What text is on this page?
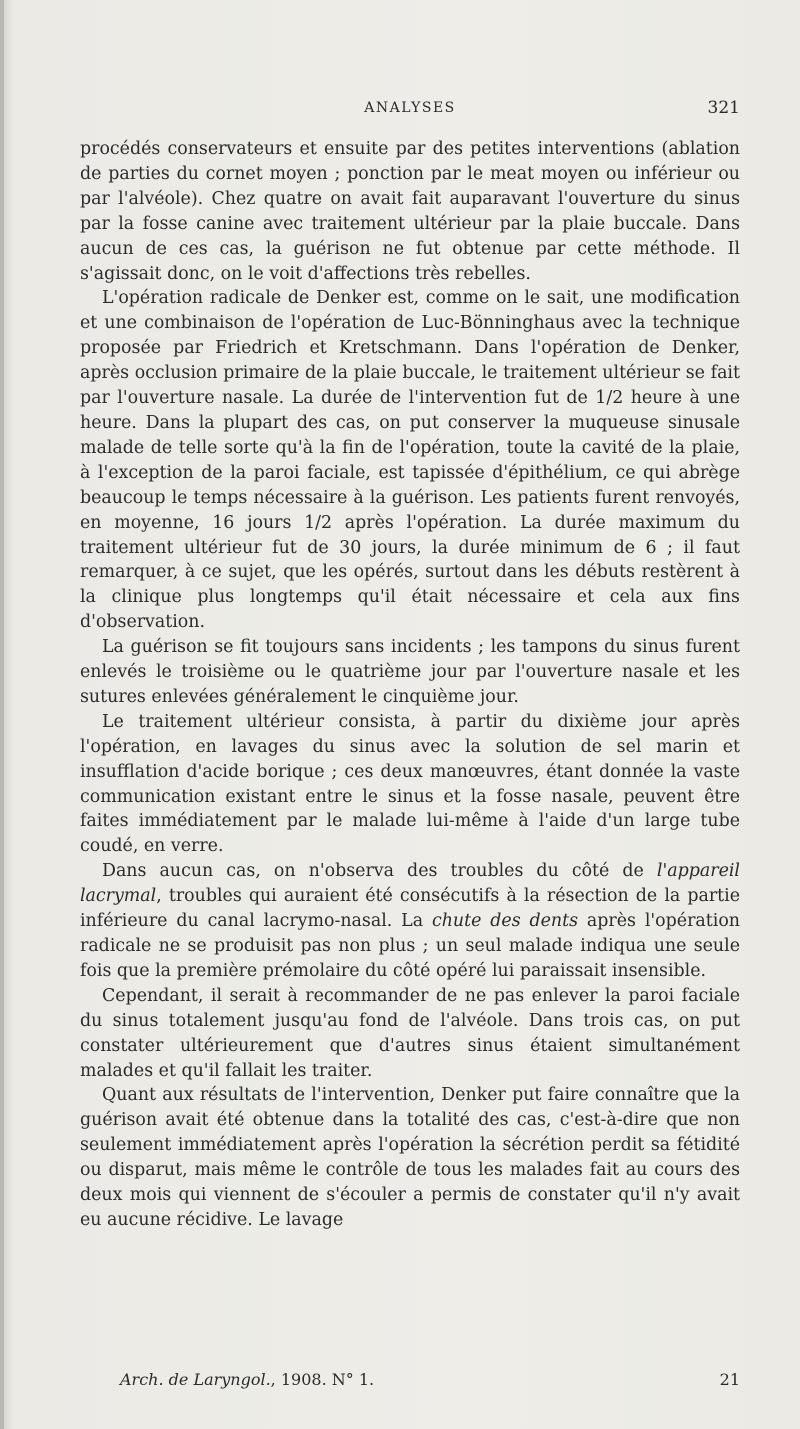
ANALYSES	321

procédés conservateurs et ensuite par des petites interventions (ablation de parties du cornet moyen ; ponction par le meat moyen ou inférieur ou par l'alvéole). Chez quatre on avait fait auparavant l'ouverture du sinus par la fosse canine avec traitement ultérieur par la plaie buccale. Dans aucun de ces cas, la guérison ne fut obtenue par cette méthode. Il s'agissait donc, on le voit d'affections très rebelles.

L'opération radicale de Denker est, comme on le sait, une modification et une combinaison de l'opération de Luc-Bönninghaus avec la technique proposée par Friedrich et Kretschmann. Dans l'opération de Denker, après occlusion primaire de la plaie buccale, le traitement ultérieur se fait par l'ouverture nasale. La durée de l'intervention fut de 1/2 heure à une heure. Dans la plupart des cas, on put conserver la muqueuse sinusale malade de telle sorte qu'à la fin de l'opération, toute la cavité de la plaie, à l'exception de la paroi faciale, est tapissée d'épithélium, ce qui abrège beaucoup le temps nécessaire à la guérison. Les patients furent renvoyés, en moyenne, 16 jours 1/2 après l'opération. La durée maximum du traitement ultérieur fut de 30 jours, la durée minimum de 6 ; il faut remarquer, à ce sujet, que les opérés, surtout dans les débuts restèrent à la clinique plus longtemps qu'il était nécessaire et cela aux fins d'observation.

La guérison se fit toujours sans incidents ; les tampons du sinus furent enlevés le troisième ou le quatrième jour par l'ouverture nasale et les sutures enlevées généralement le cinquième jour.

Le traitement ultérieur consista, à partir du dixième jour après l'opération, en lavages du sinus avec la solution de sel marin et insufflation d'acide borique ; ces deux manœuvres, étant donnée la vaste communication existant entre le sinus et la fosse nasale, peuvent être faites immédiatement par le malade lui-même à l'aide d'un large tube coudé, en verre.

Dans aucun cas, on n'observa des troubles du côté de l'appareil lacrymal, troubles qui auraient été consécutifs à la résection de la partie inférieure du canal lacrymo-nasal. La chute des dents après l'opération radicale ne se produisit pas non plus ; un seul malade indiqua une seule fois que la première prémolaire du côté opéré lui paraissait insensible.

Cependant, il serait à recommander de ne pas enlever la paroi faciale du sinus totalement jusqu'au fond de l'alvéole. Dans trois cas, on put constater ultérieurement que d'autres sinus étaient simultanément malades et qu'il fallait les traiter.

Quant aux résultats de l'intervention, Denker put faire connaître que la guérison avait été obtenue dans la totalité des cas, c'est-à-dire que non seulement immédiatement après l'opération la sécrétion perdit sa fétidité ou disparut, mais même le contrôle de tous les malades fait au cours des deux mois qui viennent de s'écouler a permis de constater qu'il n'y avait eu aucune récidive. Le lavage

Arch. de Laryngol., 1908. N° 1.	21
